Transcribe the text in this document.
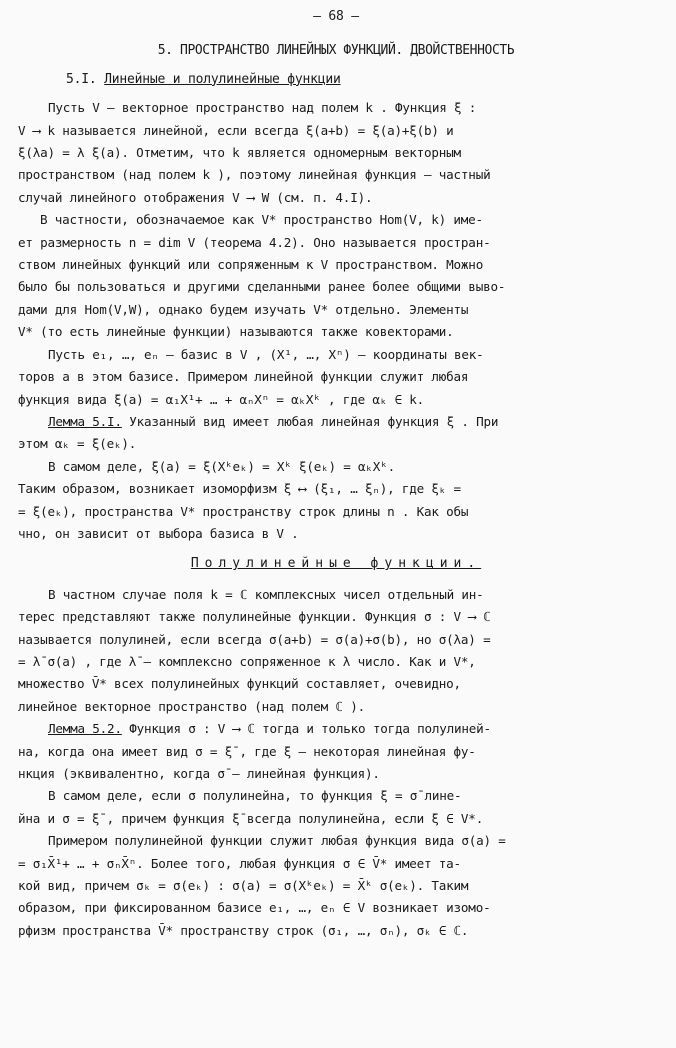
– 68 –
5. ПРОСТРАНСТВО ЛИНЕЙНЫХ ФУНКЦИЙ. ДВОЙСТВЕННОСТЬ
5.I. Линейные и полулинейные функции
Пусть V – векторное пространство над полем k . Функция ξ :
V ⟶ k называется линейной, если всегда ξ(a+b) = ξ(a)+ξ(b) и
ξ(λa) = λ ξ(a). Отметим, что k является одномерным векторным
пространством (над полем k ), поэтому линейная функция – частный
случай линейного отображения V ⟶ W (см. п. 4.I).
В частности, обозначаемое как V* пространство Hom(V, k) име-
ет размерность n = dim V (теорема 4.2). Оно называется простран-
ством линейных функций или сопряженным к V пространством. Можно
было бы пользоваться и другими сделанными ранее более общими выво-
дами для Hom(V,W), однако будем изучать V* отдельно. Элементы
V* (то есть линейные функции) называются также ковекторами.
Пусть e₁, …, eₙ – базис в V , (X¹, …, Xⁿ) – координаты век-
торов a в этом базисе. Примером линейной функции служит любая
функция вида ξ(a) = α₁X¹+ … + αₙXⁿ = αₖXᵏ , где αₖ ∈ k.
Лемма 5.I. Указанный вид имеет любая линейная функция ξ . При
этом αₖ = ξ(eₖ).
В самом деле, ξ(a) = ξ(Xᵏeₖ) = Xᵏ ξ(eₖ) = αₖXᵏ.
Таким образом, возникает изоморфизм ξ ⟷ (ξ₁, … ξₙ), где ξₖ =
= ξ(eₖ), пространства V* пространству строк длины n . Как обы
чно, он зависит от выбора базиса в V .
Полулинейные функции.
В частном случае поля k = ℂ комплексных чисел отдельный ин-
терес представляют также полулинейные функции. Функция σ : V ⟶ ℂ
называется полулиней, если всегда σ(a+b) = σ(a)+σ(b), но σ(λa) =
= λ̄ σ(a) , где λ̄ – комплексно сопряженное к λ число. Как и V*,
множество V̄* всех полулинейных функций составляет, очевидно,
линейное векторное пространство (над полем ℂ ).
Лемма 5.2. Функция σ : V ⟶ ℂ тогда и только тогда полулиней-
на, когда она имеет вид σ = ξ̄ , где ξ – некоторая линейная фу-
нкция (эквивалентно, когда σ̄ – линейная функция).
В самом деле, если σ полулинейна, то функция ξ = σ̄ лине-
йна и σ = ξ̄ , причем функция ξ̄ всегда полулинейна, если ξ ∈ V*.
Примером полулинейной функции служит любая функция вида σ(a) =
= σ₁X̄¹+ … + σₙX̄ⁿ. Более того, любая функция σ ∈ V̄* имеет та-
кой вид, причем σₖ = σ(eₖ) : σ(a) = σ(Xᵏeₖ) = X̄ᵏ σ(eₖ). Таким
образом, при фиксированном базисе e₁, …, eₙ ∈ V возникает изомо-
рфизм пространства V̄* пространству строк (σ₁, …, σₙ), σₖ ∈ ℂ.
